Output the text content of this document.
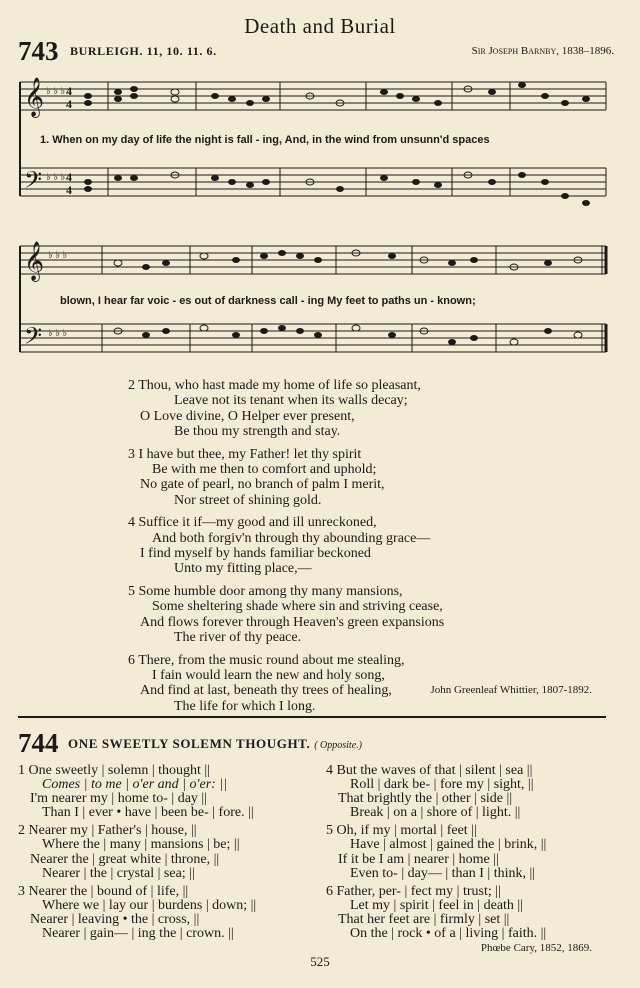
Death and Burial
743 BURLEIGH. 11, 10. 11. 6.	Sir Joseph Barnby, 1838–1896.
𝄞
𝄢
♭ ♭ ♭
♭ ♭ ♭
4
4
4
4
1. When on my day of life the night is fall - ing, And, in the wind from unsunn'd spaces
𝄞
𝄢
♭ ♭ ♭
♭ ♭ ♭
blown, I hear far voic - es out of darkness call - ing My feet to paths un - known;
2 Thou, who hast made my home of life so pleasant,
Leave not its tenant when its walls decay;
O Love divine, O Helper ever present,
Be thou my strength and stay.
3 I have but thee, my Father! let thy spirit
Be with me then to comfort and uphold;
No gate of pearl, no branch of palm I merit,
Nor street of shining gold.
4 Suffice it if—my good and ill unreckoned,
And both forgiv'n through thy abounding grace—
I find myself by hands familiar beckoned
Unto my fitting place,—
5 Some humble door among thy many mansions,
Some sheltering shade where sin and striving cease,
And flows forever through Heaven's green expansions
The river of thy peace.
6 There, from the music round about me stealing,
I fain would learn the new and holy song,
And find at last, beneath thy trees of healing,
The life for which I long.
John Greenleaf Whittier, 1807-1892.
744 ONE SWEETLY SOLEMN THOUGHT. ( Opposite.)
1 One sweetly | solemn | thought ||
Comes | to me | o'er and | o'er: ||
I'm nearer my | home to- | day ||
Than I | ever • have | been be- | fore. ||
2 Nearer my | Father's | house, ||
Where the | many | mansions | be; ||
Nearer the | great white | throne, ||
Nearer | the | crystal | sea; ||
3 Nearer the | bound of | life, ||
Where we | lay our | burdens | down; ||
Nearer | leaving • the | cross, ||
Nearer | gain— | ing the | crown. ||
4 But the waves of that | silent | sea ||
Roll | dark be- | fore my | sight, ||
That brightly the | other | side ||
Break | on a | shore of | light. ||
5 Oh, if my | mortal | feet ||
Have | almost | gained the | brink, ||
If it be I am | nearer | home ||
Even to- | day— | than I | think, ||
6 Father, per- | fect my | trust; ||
Let my | spirit | feel in | death ||
That her feet are | firmly | set ||
On the | rock • of a | living | faith. ||
Phœbe Cary, 1852, 1869.
525
